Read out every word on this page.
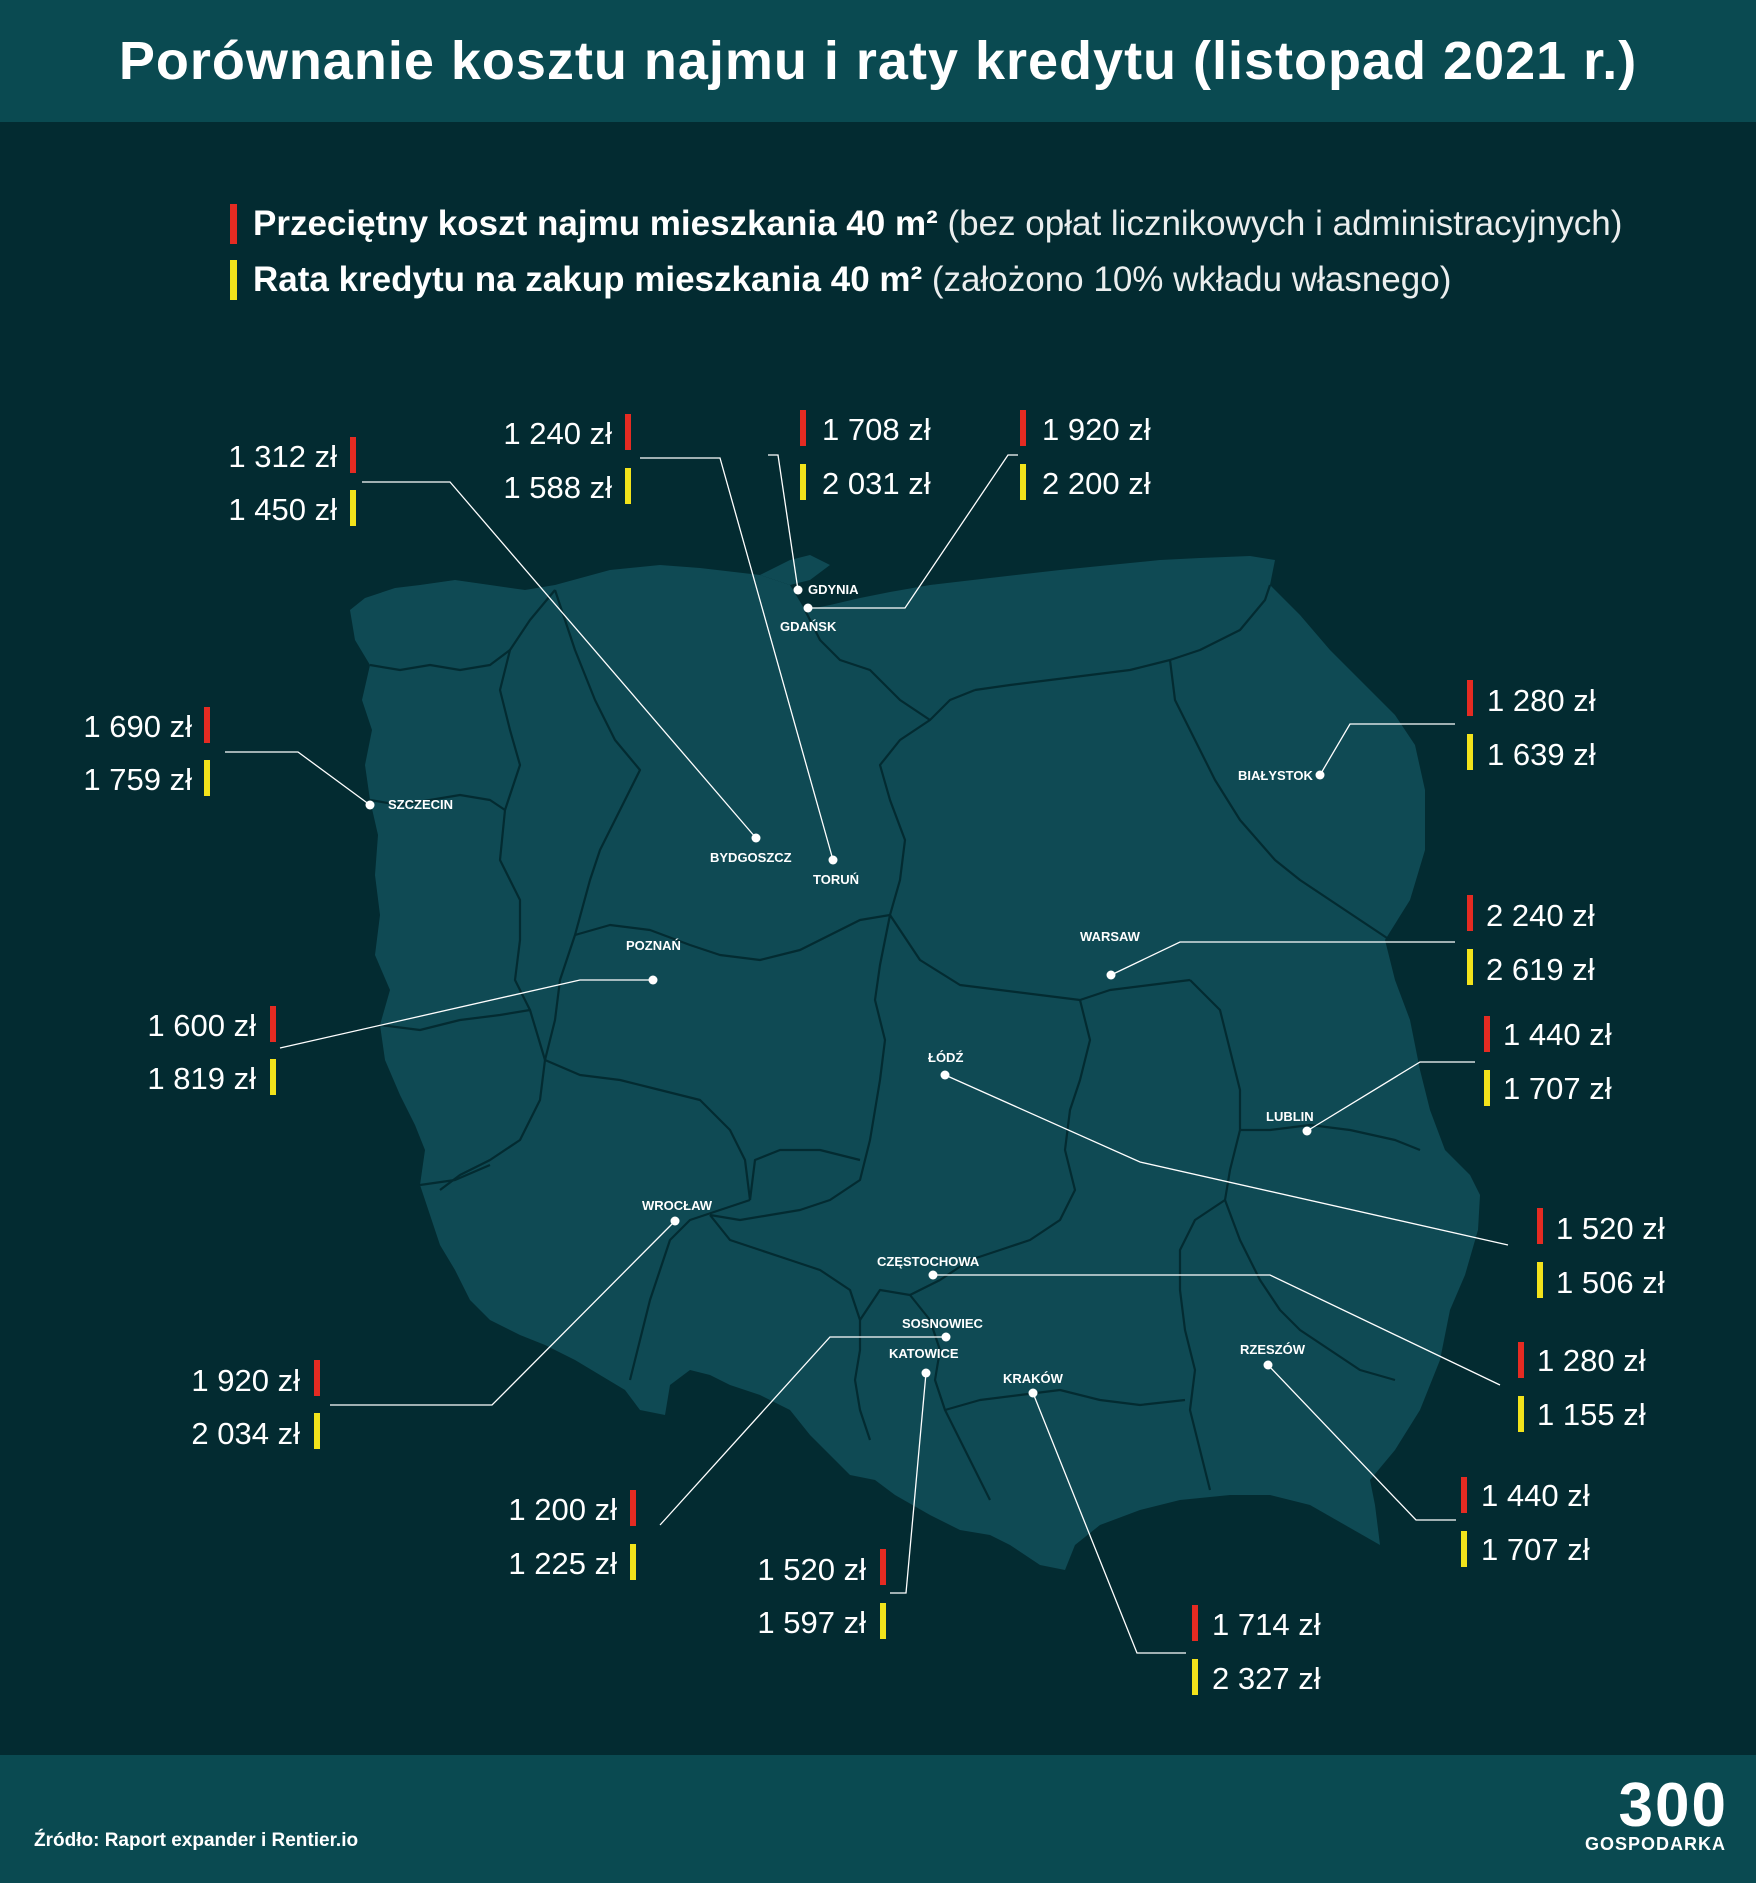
Porównanie kosztu najmu i raty kredytu (listopad 2021 r.)
Przeciętny koszt najmu mieszkania 40 m² (bez opłat licznikowych i administracyjnych)
Rata kredytu na zakup mieszkania 40 m² (założono 10% wkładu własnego)
GDYNIA
GDAŃSK
SZCZECIN
BYDGOSZCZ
TORUŃ
BIAŁYSTOK
WARSAW
POZNAŃ
ŁÓDŹ
LUBLIN
WROCŁAW
CZĘSTOCHOWA
SOSNOWIEC
KATOWICE
KRAKÓW
RZESZÓW
1 708 zł
2 031 zł
1 920 zł
2 200 zł
1 690 zł
1 759 zł
1 312 zł
1 450 zł
1 240 zł
1 588 zł
1 280 zł
1 639 zł
2 240 zł
2 619 zł
1 600 zł
1 819 zł
1 520 zł
1 506 zł
1 440 zł
1 707 zł
1 920 zł
2 034 zł
1 280 zł
1 155 zł
1 200 zł
1 225 zł	1 520 zł
1 597 zł	1 714 zł
2 327 zł
1 440 zł
1 707 zł
Źródło: Raport expander i Rentier.io
300
GOSPODARKA
